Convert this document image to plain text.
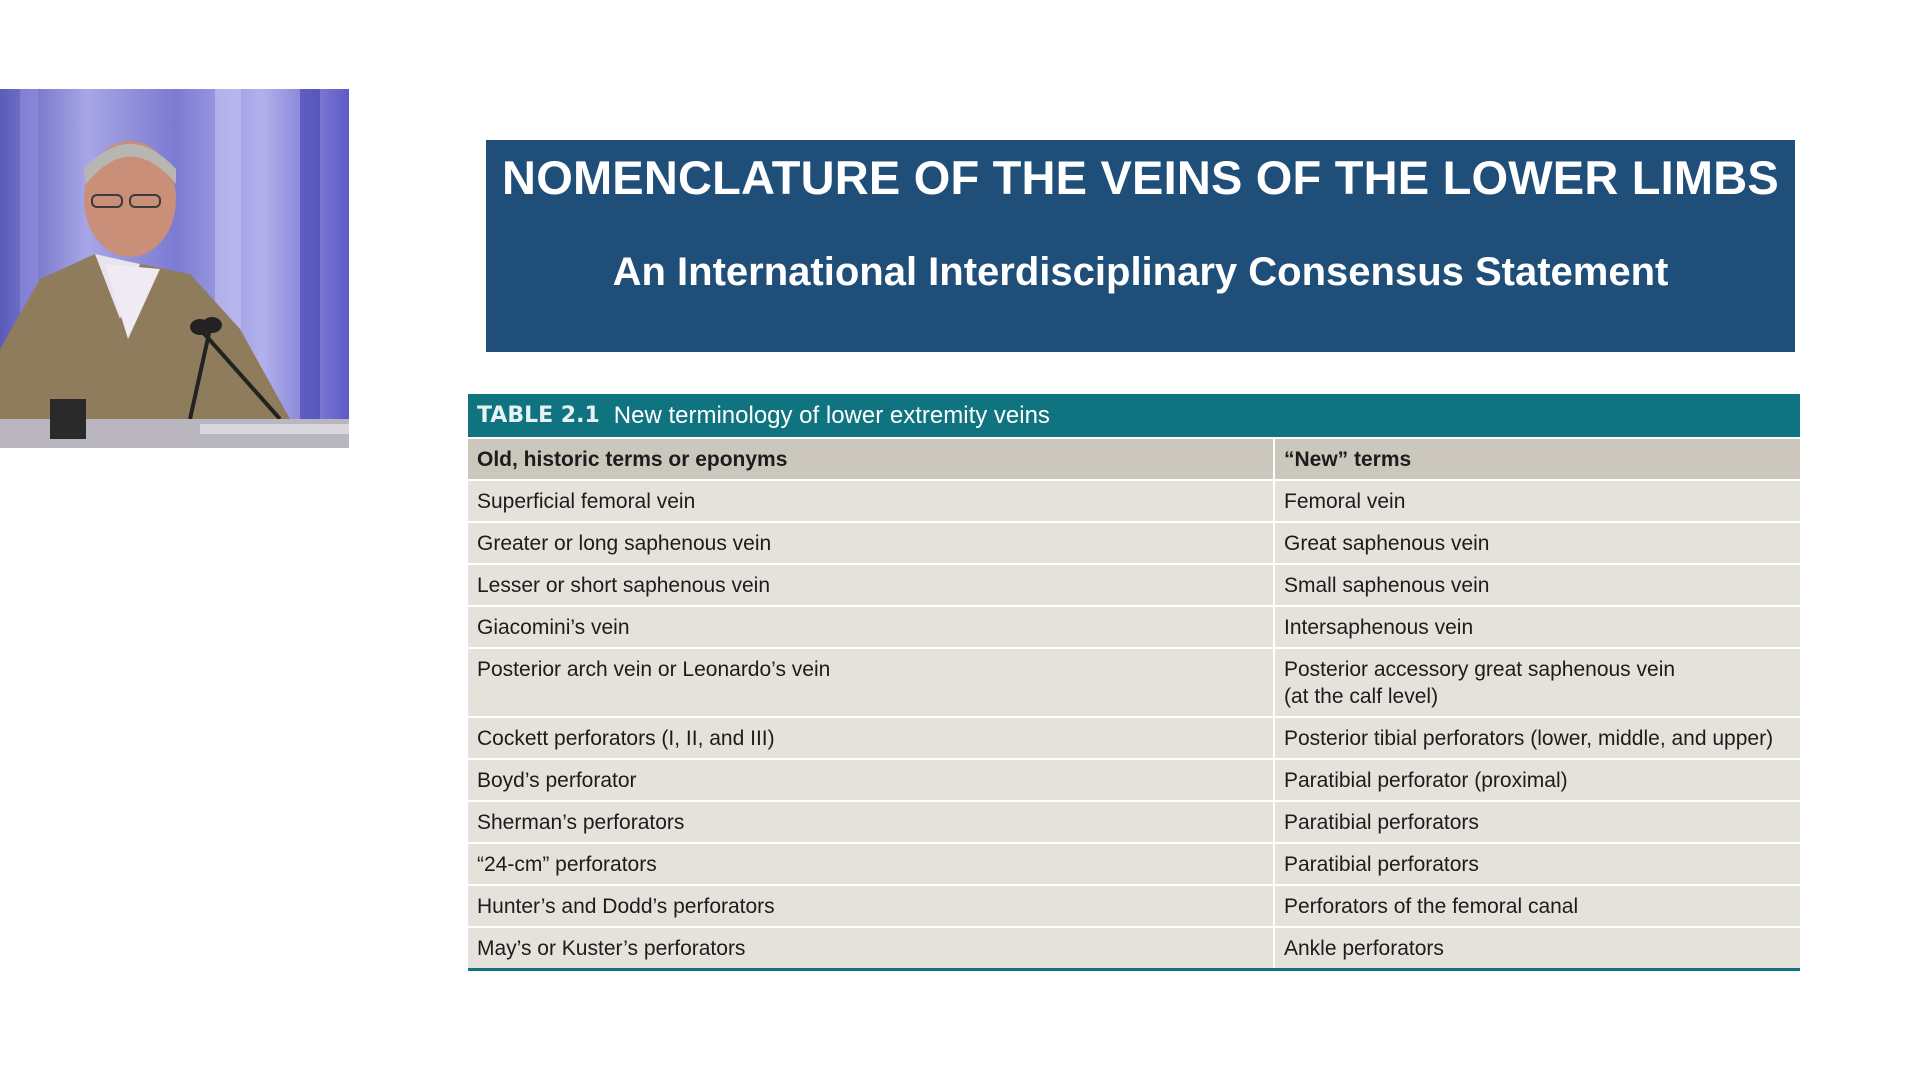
NOMENCLATURE OF THE VEINS OF THE LOWER LIMBS
An International Interdisciplinary Consensus Statement
TABLE 2.1 New terminology of lower extremity veins
Old, historic terms or eponyms	“New” terms
Superficial femoral vein	Femoral vein

Greater or long saphenous vein	Great saphenous vein

Lesser or short saphenous vein	Small saphenous vein

Giacomini’s vein	Intersaphenous vein

Posterior arch vein or Leonardo’s vein	Posterior accessory great saphenous vein
(at the calf level)

Cockett perforators (I, II, and III)	Posterior tibial perforators (lower, middle, and upper)

Boyd’s perforator	Paratibial perforator (proximal)

Sherman’s perforators	Paratibial perforators

“24-cm” perforators	Paratibial perforators

Hunter’s and Dodd’s perforators	Perforators of the femoral canal

May’s or Kuster’s perforators	Ankle perforators
